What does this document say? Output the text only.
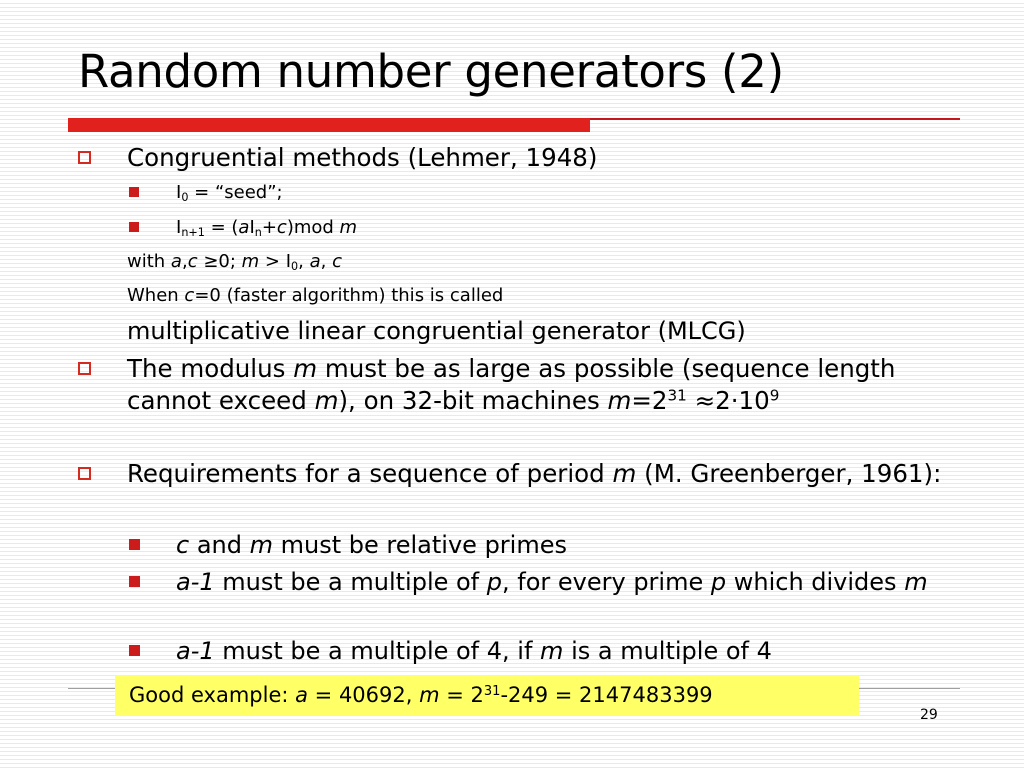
Random number generators (2)
Congruential methods (Lehmer, 1948)
$I_0$ = “seed”;
$I_{n+1} = (aI_n+c)mod$ m
with a,c ≥0; $m > I_0$, a, c
When c=0 (faster algorithm) this is called
multiplicative linear congruential generator (MLCG)
The modulus m must be as large as possible (sequence length cannot exceed m), on 32-bit machines $m=2^{31} \approx 2\cdot 10^9$
Requirements for a sequence of period m (M. Greenberger, 1961):
c and m must be relative primes
a-1 must be a multiple of p, for every prime p which divides m
a-1 must be a multiple of 4, if m is a multiple of 4
Good example: a = 40692, $m = 2^{31}-249 = 2147483399$
29
